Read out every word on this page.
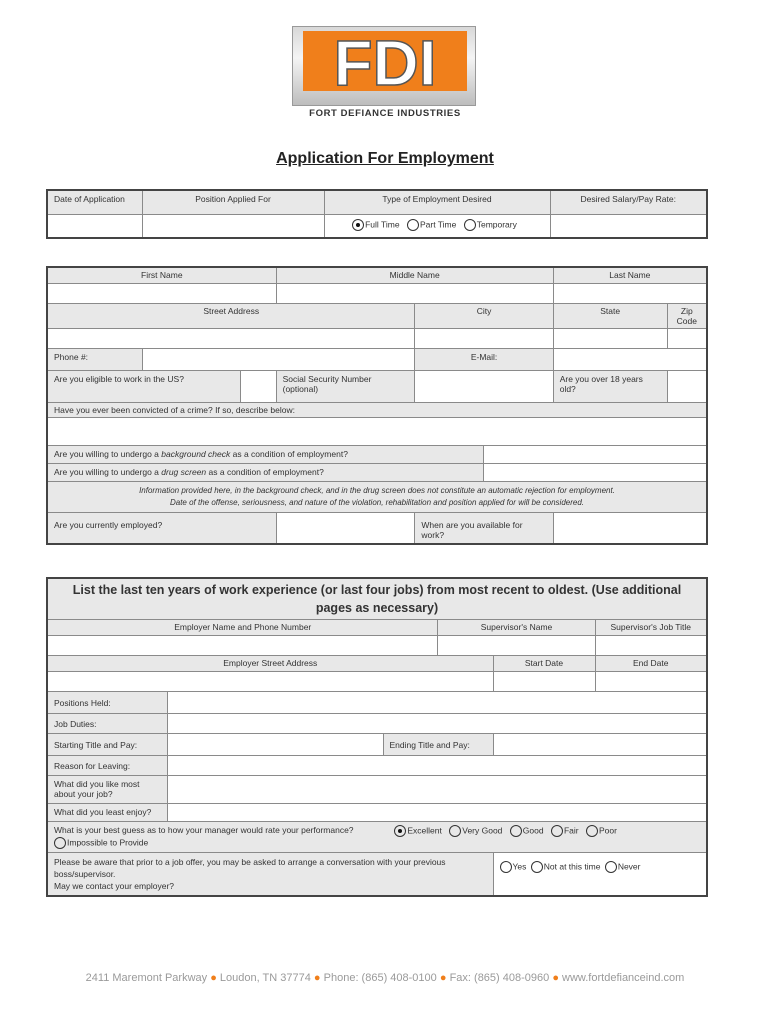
FDI
FORT DEFIANCE INDUSTRIES
Application For Employment
Date of Application	Position Applied For	Type of Employment Desired	Desired Salary/Pay Rate:
		Full Time Part Time Temporary	
First Name			Middle Name			Last Name	

Street Address				City		State	Zip Code

Phone #:				E-Mail:			
Are you eligible to work in the US?			Social Security Number (optional)			Are you over 18 years old?	
Have you ever been convicted of a crime? If so, describe below:							

Are you willing to undergo a background check as a condition of employment?							
Are you willing to undergo a drug screen as a condition of employment?							

Information provided here, in the background check, and in the drug screen does not constitute an automatic rejection for employment.
Date of the offense, seriousness, and nature of the violation, rehabilitation and position applied for will be considered.							

Are you currently employed?				When are you available for work?			
List the last ten years of work experience (or last four jobs) from most recent to oldest. (Use additional pages as necessary)					
Employer Name and Phone Number			Supervisor's Name		Supervisor's Job Title

Employer Street Address				Start Date	End Date

Positions Held:					
Job Duties:					
Starting Title and Pay:		Ending Title and Pay:			
Reason for Leaving:					
What did you like most about your job?					
What did you least enjoy?					
What is your best guess as to how your manager would rate your performance? Excellent Very Good Good Fair Poor Impossible to Provide					

Please be aware that prior to a job offer, you may be asked to arrange a conversation with your previous boss/supervisor.
May we contact your employer?				Yes Not at this time Never	
2411 Maremont Parkway ● Loudon, TN 37774 ● Phone: (865) 408-0100 ● Fax: (865) 408-0960 ● www.fortdefianceind.com
